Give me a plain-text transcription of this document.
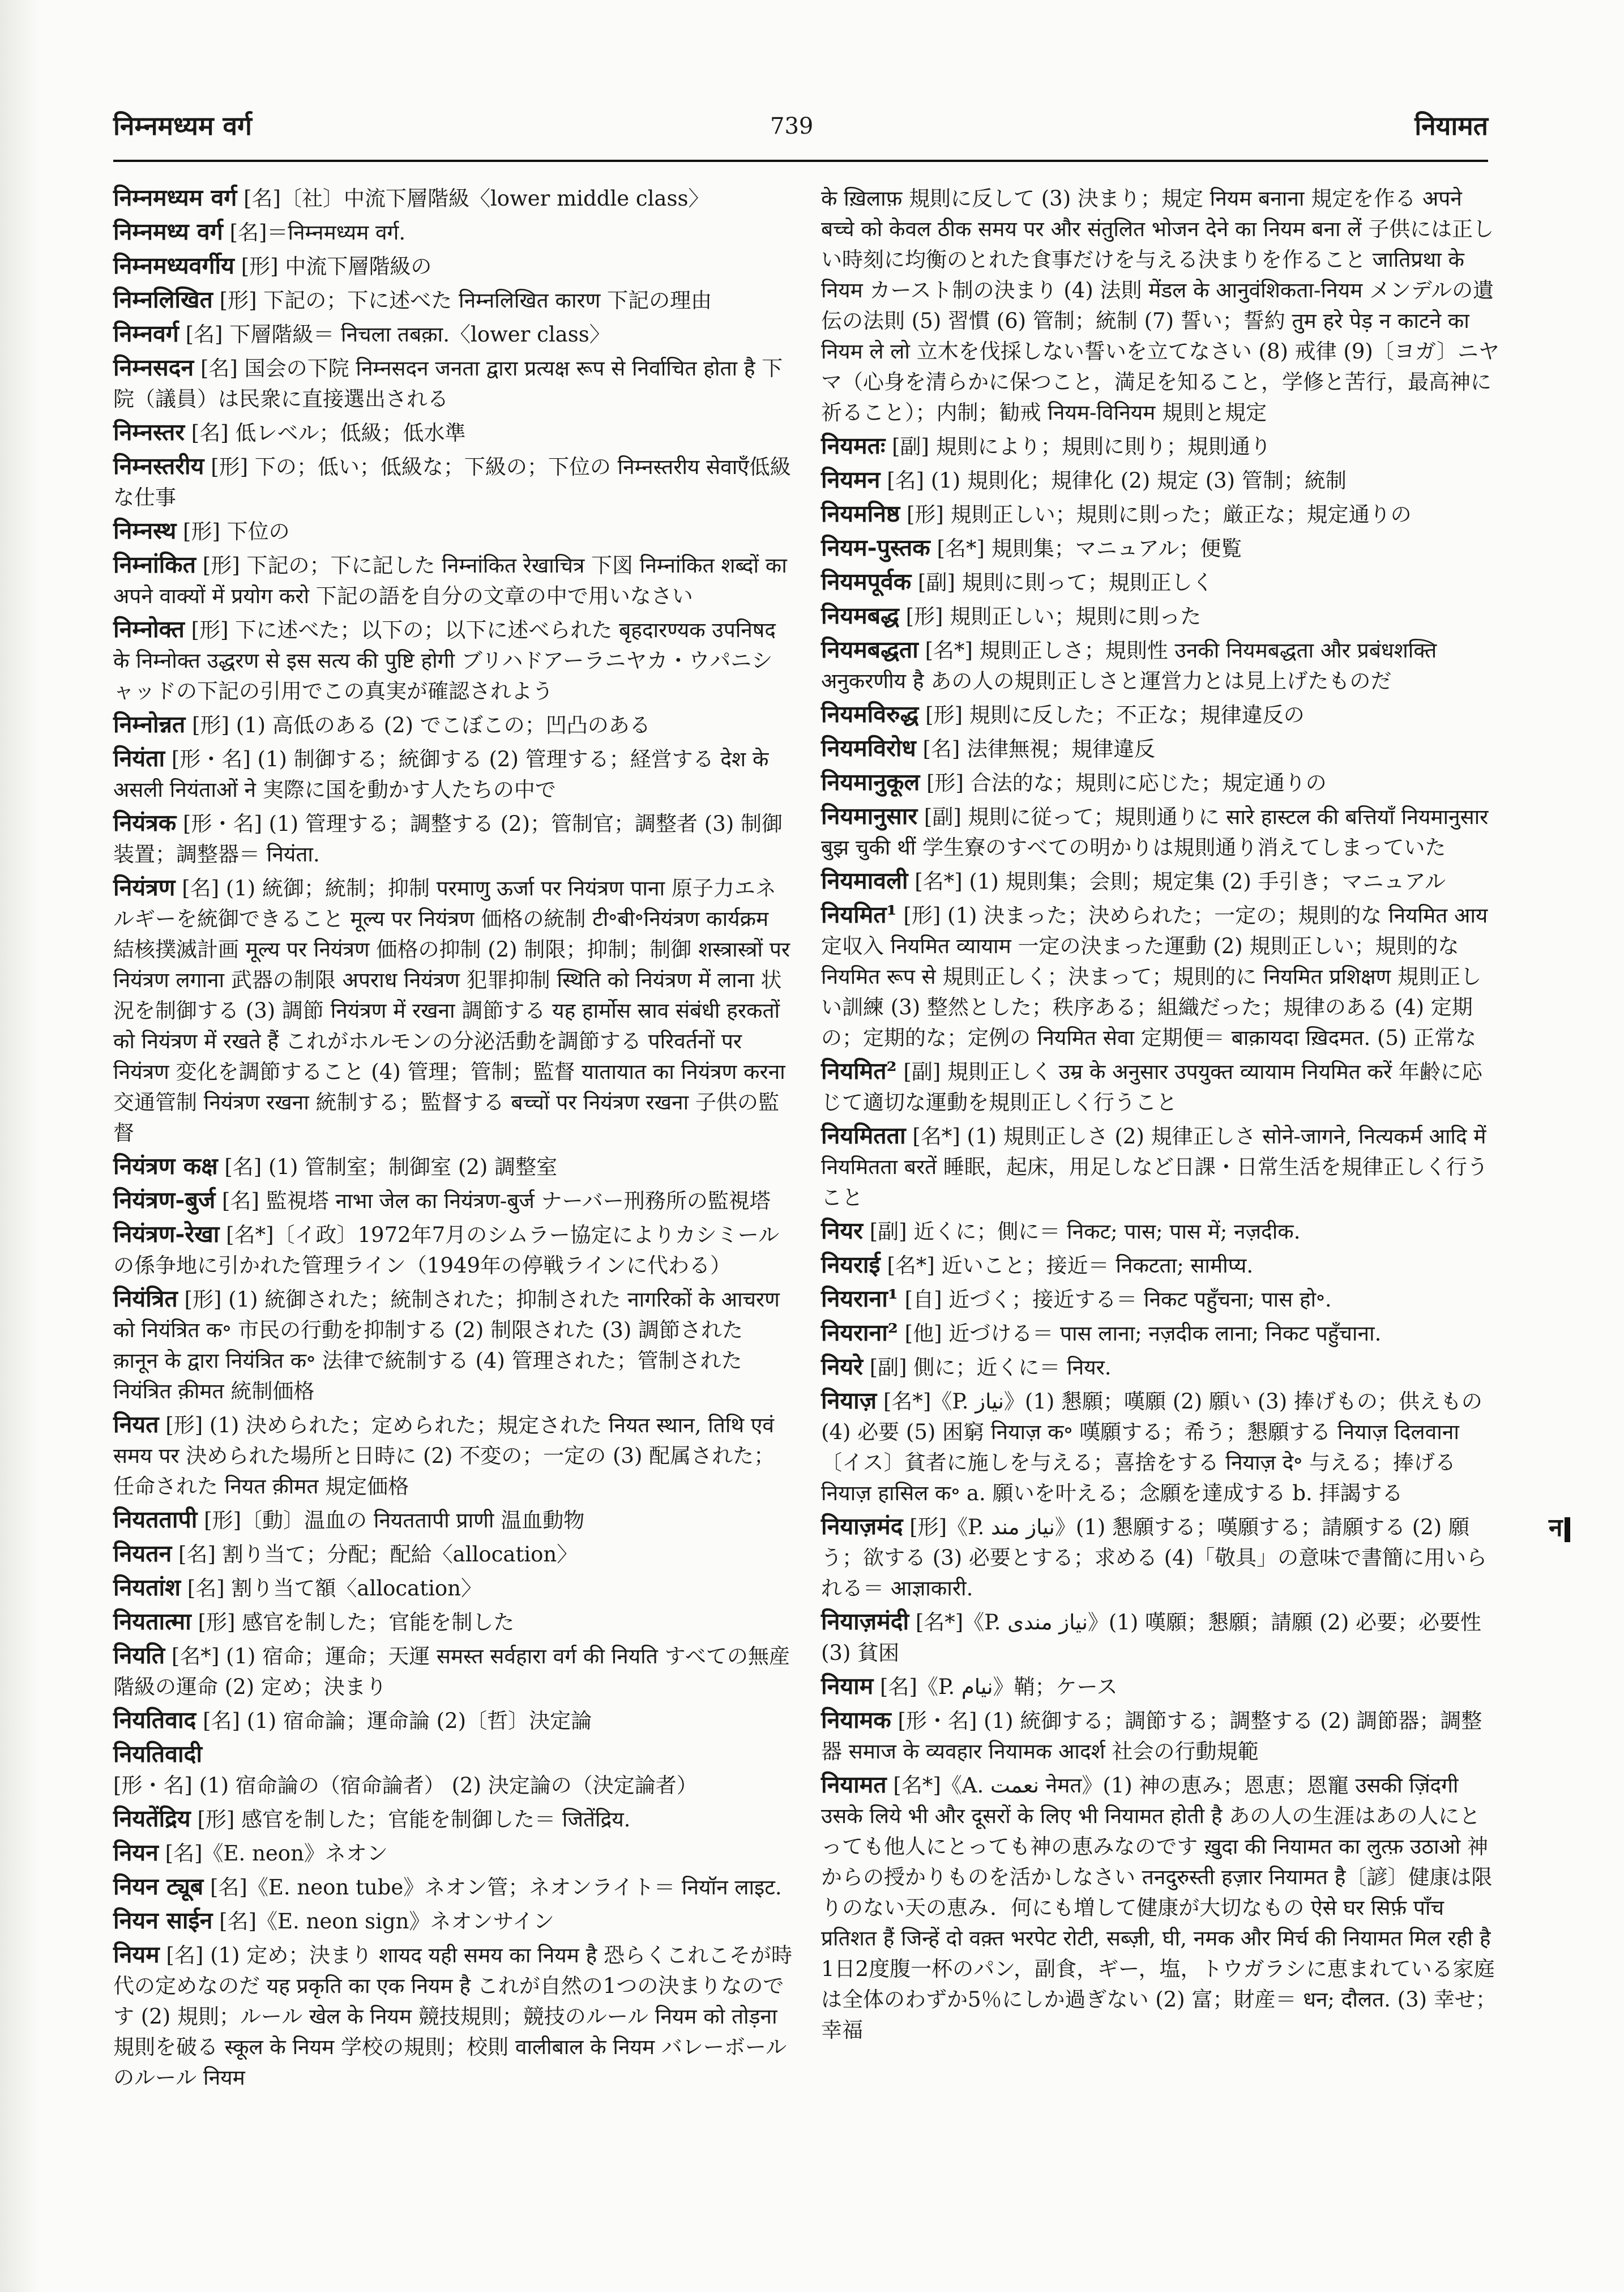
निम्नमध्यम वर्ग	739	नियामत
निम्नमध्यम वर्ग [名]〔社〕中流下層階級〈lower middle class〉
निम्नमध्य वर्ग [名]＝निम्नमध्यम वर्ग.
निम्नमध्यवर्गीय [形] 中流下層階級の
निम्नलिखित [形] 下記の；下に述べた निम्नलिखित कारण 下記の理由
निम्नवर्ग [名] 下層階級＝ निचला तबक़ा.〈lower class〉
निम्नसदन [名] 国会の下院 निम्नसदन जनता द्वारा प्रत्यक्ष रूप से निर्वाचित होता है 下院（議員）は民衆に直接選出される
निम्नस्तर [名] 低レベル；低級；低水準
निम्नस्तरीय [形] 下の；低い；低級な；下級の；下位の निम्नस्तरीय सेवाएँ低級な仕事
निम्नस्थ [形] 下位の
निम्नांकित [形] 下記の；下に記した निम्नांकित रेखाचित्र 下図 निम्नांकित शब्दों का अपने वाक्यों में प्रयोग करो 下記の語を自分の文章の中で用いなさい
निम्नोक्त [形] 下に述べた；以下の；以下に述べられた बृहदारण्यक उपनिषद के निम्नोक्त उद्धरण से इस सत्य की पुष्टि होगी ブリハドアーラニヤカ・ウパニシャッドの下記の引用でこの真実が確認されよう
निम्नोन्नत [形] (1) 高低のある (2) でこぼこの；凹凸のある
नियंता [形・名] (1) 制御する；統御する (2) 管理する；経営する देश के असली नियंताओं ने 実際に国を動かす人たちの中で
नियंत्रक [形・名] (1) 管理する；調整する (2)；管制官；調整者 (3) 制御装置；調整器＝ नियंता.
नियंत्रण [名] (1) 統御；統制；抑制 परमाणु ऊर्जा पर नियंत्रण पाना 原子力エネルギーを統御できること मूल्य पर नियंत्रण 価格の統制 टी॰बी॰नियंत्रण कार्यक्रम 結核撲滅計画 मूल्य पर नियंत्रण 価格の抑制 (2) 制限；抑制；制御 शस्त्रास्त्रों पर नियंत्रण लगाना 武器の制限 अपराध नियंत्रण 犯罪抑制 स्थिति को नियंत्रण में लाना 状況を制御する (3) 調節 नियंत्रण में रखना 調節する यह हार्मोस स्राव संबंधी हरकतों को नियंत्रण में रखते हैं これがホルモンの分泌活動を調節する परिवर्तनों पर नियंत्रण 変化を調節すること (4) 管理；管制；監督 यातायात का नियंत्रण करना 交通管制 नियंत्रण रखना 統制する；監督する बच्चों पर नियंत्रण रखना 子供の監督
नियंत्रण कक्ष [名] (1) 管制室；制御室 (2) 調整室
नियंत्रण-बुर्ज [名] 監視塔 नाभा जेल का नियंत्रण-बुर्ज ナーバー刑務所の監視塔
नियंत्रण-रेखा [名*]〔イ政〕1972年7月のシムラー協定によりカシミールの係争地に引かれた管理ライン（1949年の停戦ラインに代わる）
नियंत्रित [形] (1) 統御された；統制された；抑制された नागरिकों के आचरण को नियंत्रित क॰ 市民の行動を抑制する (2) 制限された (3) 調節された क़ानून के द्वारा नियंत्रित क॰ 法律で統制する (4) 管理された；管制された नियंत्रित क़ीमत 統制価格
नियत [形] (1) 決められた；定められた；規定された नियत स्थान, तिथि एवं समय पर 決められた場所と日時に (2) 不変の；一定の (3) 配属された；任命された नियत क़ीमत 規定価格
नियततापी [形]〔動〕温血の नियततापी प्राणी 温血動物
नियतन [名] 割り当て；分配；配給〈allocation〉
नियतांश [名] 割り当て額〈allocation〉
नियतात्मा [形] 感官を制した；官能を制した
नियति [名*] (1) 宿命；運命；天運 समस्त सर्वहारा वर्ग की नियति すべての無産階級の運命 (2) 定め；決まり
नियतिवाद [名] (1) 宿命論；運命論 (2)〔哲〕決定論
नियतिवादी [形・名] (1) 宿命論の（宿命論者） (2) 決定論の（決定論者）
नियतेंद्रिय [形] 感官を制した；官能を制御した＝ जितेंद्रिय.
नियन [名]《E. neon》ネオン
नियन ट्यूब [名]《E. neon tube》ネオン管；ネオンライト＝ नियॉन लाइट.
नियन साईन [名]《E. neon sign》ネオンサイン
नियम [名] (1) 定め；決まり शायद यही समय का नियम है 恐らくこれこそが時代の定めなのだ यह प्रकृति का एक नियम है これが自然の1つの決まりなのです (2) 規則；ルール खेल के नियम 競技規則；競技のルール नियम को तोड़ना 規則を破る स्कूल के नियम 学校の規則；校則 वालीबाल के नियम バレーボールのルール नियम
के ख़िलाफ़ 規則に反して (3) 決まり；規定 नियम बनाना 規定を作る अपने बच्चे को केवल ठीक समय पर और संतुलित भोजन देने का नियम बना लें 子供には正しい時刻に均衡のとれた食事だけを与える決まりを作ること जातिप्रथा के नियम カースト制の決まり (4) 法則 मेंडल के आनुवंशिकता-नियम メンデルの遺伝の法則 (5) 習慣 (6) 管制；統制 (7) 誓い；誓約 तुम हरे पेड़ न काटने का नियम ले लो 立木を伐採しない誓いを立てなさい (8) 戒律 (9)〔ヨガ〕ニヤマ（心身を清らかに保つこと，満足を知ること，学修と苦行，最高神に祈ること）；内制；勧戒 नियम-विनियम 規則と規定
नियमतः [副] 規則により；規則に則り；規則通り
नियमन [名] (1) 規則化；規律化 (2) 規定 (3) 管制；統制
नियमनिष्ठ [形] 規則正しい；規則に則った；厳正な；規定通りの
नियम-पुस्तक [名*] 規則集；マニュアル；便覧
नियमपूर्वक [副] 規則に則って；規則正しく
नियमबद्ध [形] 規則正しい；規則に則った
नियमबद्धता [名*] 規則正しさ；規則性 उनकी नियमबद्धता और प्रबंधशक्ति अनुकरणीय है あの人の規則正しさと運営力とは見上げたものだ
नियमविरुद्ध [形] 規則に反した；不正な；規律違反の
नियमविरोध [名] 法律無視；規律違反
नियमानुकूल [形] 合法的な；規則に応じた；規定通りの
नियमानुसार [副] 規則に従って；規則通りに सारे हास्टल की बत्तियाँ नियमानुसार बुझ चुकी थीं 学生寮のすべての明かりは規則通り消えてしまっていた
नियमावली [名*] (1) 規則集；会則；規定集 (2) 手引き；マニュアル
नियमित¹ [形] (1) 決まった；決められた；一定の；規則的な नियमित आय 定収入 नियमित व्यायाम 一定の決まった運動 (2) 規則正しい；規則的な नियमित रूप से 規則正しく；決まって；規則的に नियमित प्रशिक्षण 規則正しい訓練 (3) 整然とした；秩序ある；組織だった；規律のある (4) 定期の；定期的な；定例の नियमित सेवा 定期便＝ बाक़ायदा ख़िदमत. (5) 正常な
नियमित² [副] 規則正しく उम्र के अनुसार उपयुक्त व्यायाम नियमित करें 年齢に応じて適切な運動を規則正しく行うこと
नियमितता [名*] (1) 規則正しさ (2) 規律正しさ सोने-जागने, नित्यकर्म आदि में नियमितता बरतें 睡眠，起床，用足しなど日課・日常生活を規律正しく行うこと
नियर [副] 近くに；側に＝ निकट; पास; पास में; नज़दीक.
नियराई [名*] 近いこと；接近＝ निकटता; सामीप्य.
नियराना¹ [自] 近づく；接近する＝ निकट पहुँचना; पास हो॰.
नियराना² [他] 近づける＝ पास लाना; नज़दीक लाना; निकट पहुँचाना.
नियरे [副] 側に；近くに＝ नियर.
नियाज़ [名*]《P. نیاز》(1) 懇願；嘆願 (2) 願い (3) 捧げもの；供えもの (4) 必要 (5) 困窮 नियाज़ क॰ 嘆願する；希う；懇願する नियाज़ दिलवाना〔イス〕貧者に施しを与える；喜捨をする नियाज़ दे॰ 与える；捧げる नियाज़ हासिल क॰ a. 願いを叶える；念願を達成する b. 拝謁する
नियाज़मंद [形]《P. نیاز مند》(1) 懇願する；嘆願する；請願する (2) 願う；欲する (3) 必要とする；求める (4)「敬具」の意味で書簡に用いられる＝ आज्ञाकारी.
नियाज़मंदी [名*]《P. نیاز مندی》(1) 嘆願；懇願；請願 (2) 必要；必要性 (3) 貧困
नियाम [名]《P. نیام》鞘；ケース
नियामक [形・名] (1) 統御する；調節する；調整する (2) 調節器；調整器 समाज के व्यवहार नियामक आदर्श 社会の行動規範
नियामत [名*]《A. نعمت नेमत》(1) 神の恵み；恩恵；恩寵 उसकी ज़िंदगी उसके लिये भी और दूसरों के लिए भी नियामत होती है あの人の生涯はあの人にとっても他人にとっても神の恵みなのです ख़ुदा की नियामत का लुत्फ़ उठाओ 神からの授かりものを活かしなさい तनदुरुस्ती हज़ार नियामत है〔諺〕健康は限りのない天の恵み．何にも増して健康が大切なもの ऐसे घर सिर्फ़ पाँच प्रतिशत हैं जिन्हें दो वक़्त भरपेट रोटी, सब्ज़ी, घी, नमक और मिर्च की नियामत मिल रही है 1日2度腹一杯のパン，副食，ギー，塩，トウガラシに恵まれている家庭は全体のわずか5％にしか過ぎない (2) 富；財産＝ धन; दौलत. (3) 幸せ；幸福
न
